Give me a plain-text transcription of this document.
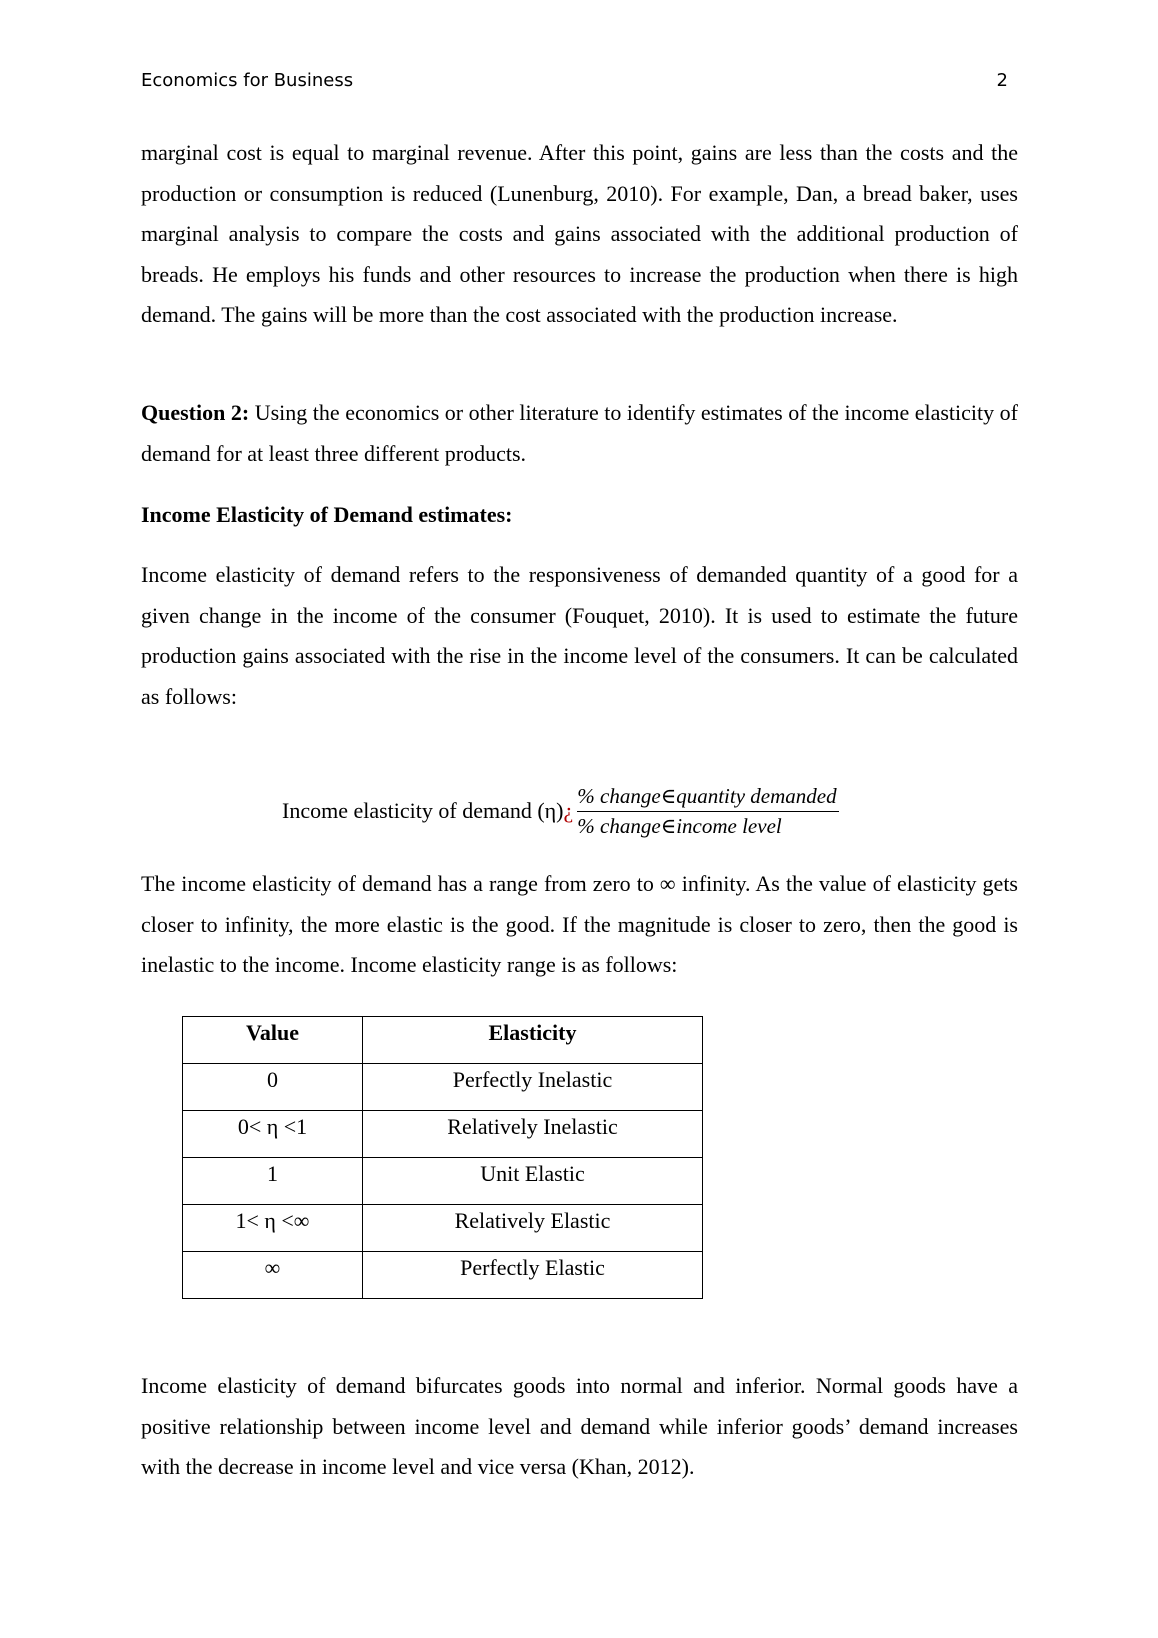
Economics for Business	2

marginal cost is equal to marginal revenue. After this point, gains are less than the costs and the production or consumption is reduced (Lunenburg, 2010). For example, Dan, a bread baker, uses marginal analysis to compare the costs and gains associated with the additional production of breads. He employs his funds and other resources to increase the production when there is high demand. The gains will be more than the cost associated with the production increase.

Question 2: Using the economics or other literature to identify estimates of the income elasticity of demand for at least three different products.

Income Elasticity of Demand estimates:

Income elasticity of demand refers to the responsiveness of demanded quantity of a good for a given change in the income of the consumer (Fouquet, 2010). It is used to estimate the future production gains associated with the rise in the income level of the consumers. It can be calculated as follows:

Income elasticity of demand (η) ¿ $\frac{\text{\% change∈quantity demanded}}{\text{\% change∈income level}}$

The income elasticity of demand has a range from zero to ∞ infinity. As the value of elasticity gets closer to infinity, the more elastic is the good. If the magnitude is closer to zero, then the good is inelastic to the income. Income elasticity range is as follows:

Value	Elasticity
0	Perfectly Inelastic
0< η <1	Relatively Inelastic
1	Unit Elastic
1< η <∞	Relatively Elastic
∞	Perfectly Elastic

Income elasticity of demand bifurcates goods into normal and inferior. Normal goods have a positive relationship between income level and demand while inferior goods’ demand increases with the decrease in income level and vice versa (Khan, 2012).
